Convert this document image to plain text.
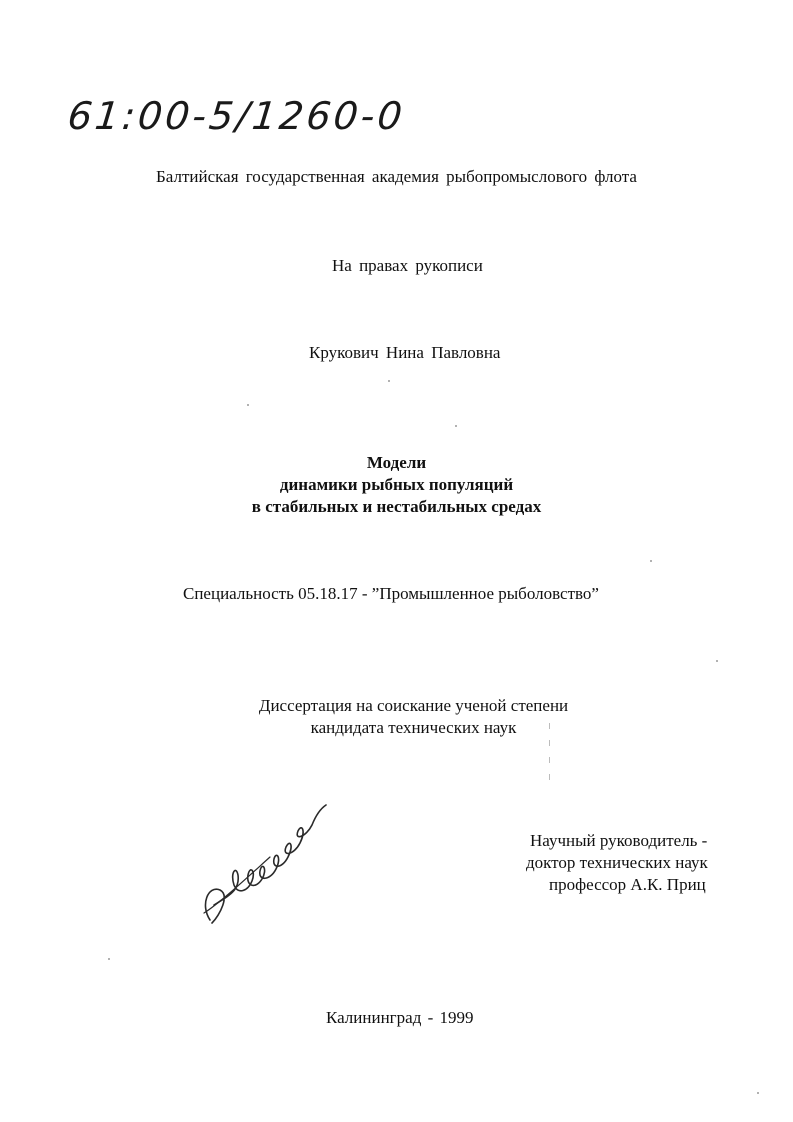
61:00-5/1260-0
Балтийская государственная академия рыбопромыслового флота
На правах рукописи
Крукович Нина Павловна
Модели
динамики рыбных популяций
в стабильных и нестабильных средах
Специальность 05.18.17 - ”Промышленное рыболовство”
Диссертация на соискание ученой степени
кандидата технических наук
Научный руководитель -
доктор технических наук
профессор А.К. Приц
Калининград - 1999
